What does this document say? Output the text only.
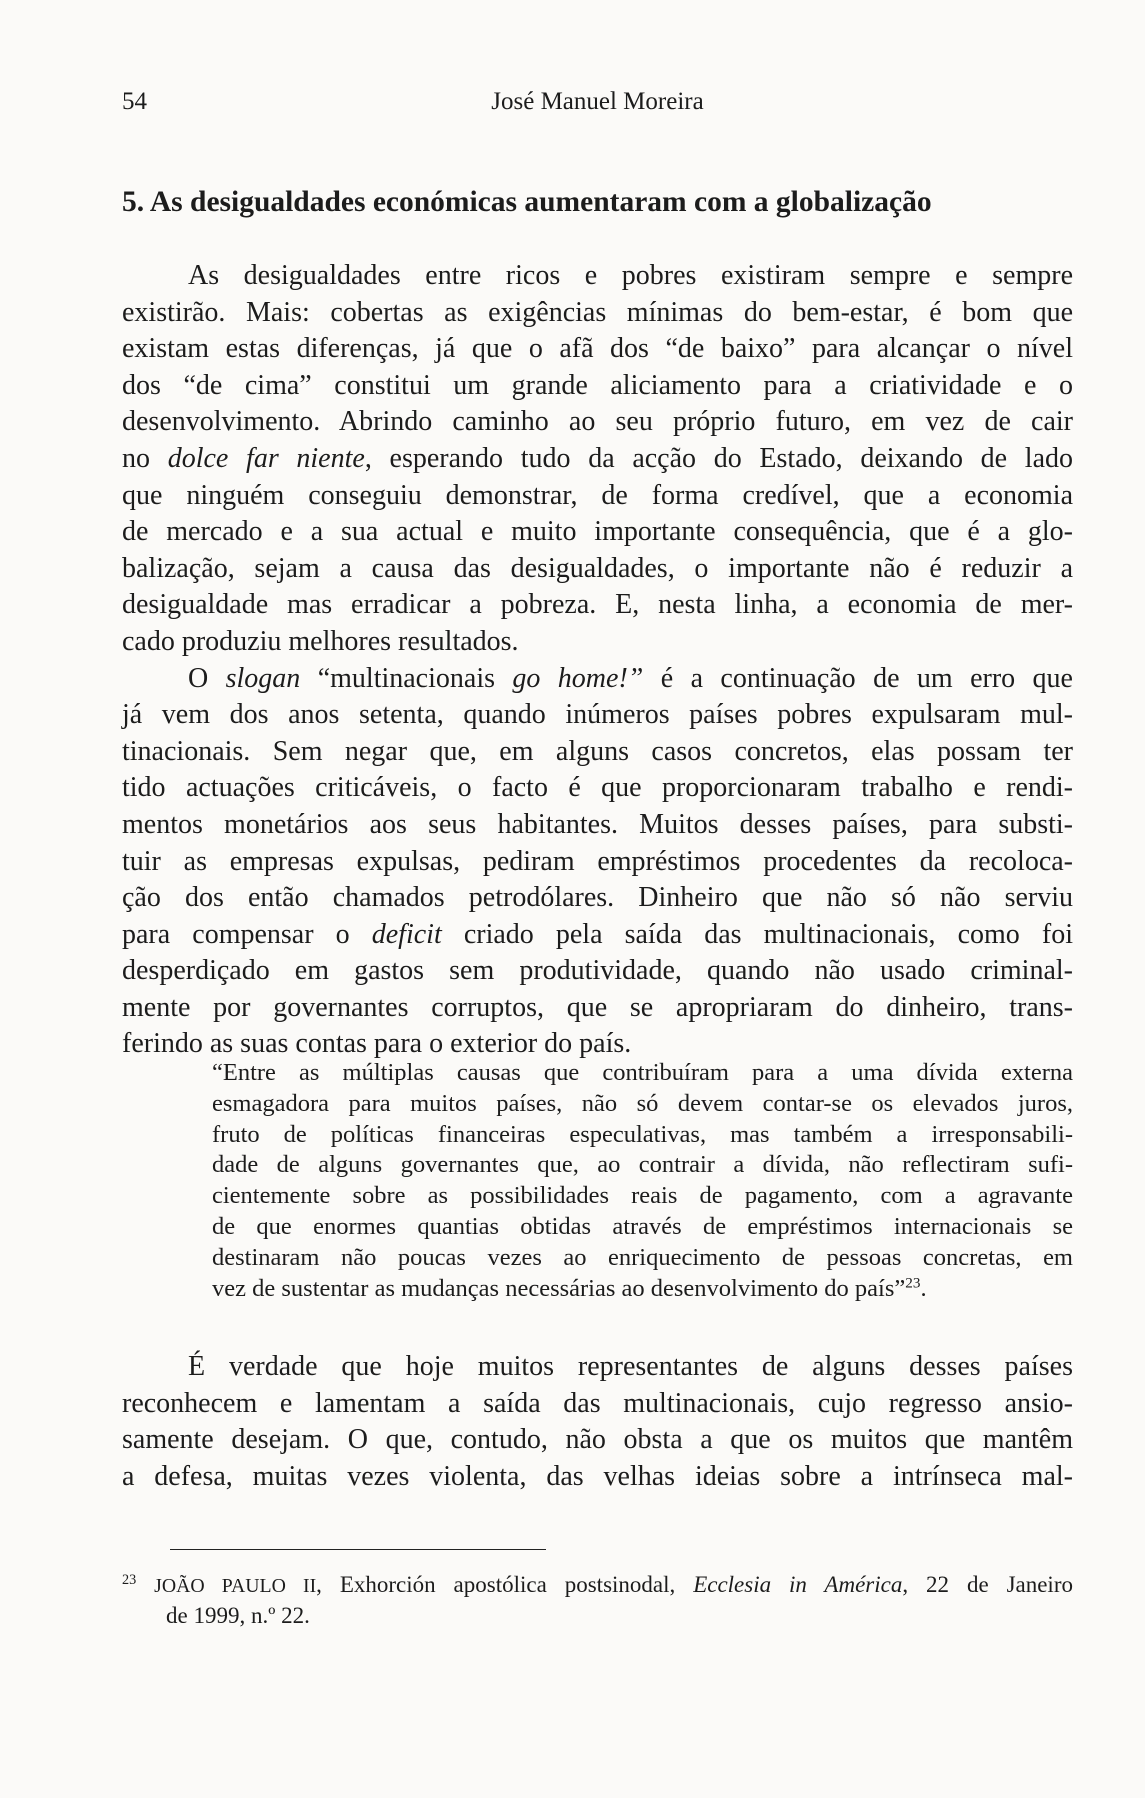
54	José Manuel Moreira
5. As desigualdades económicas aumentaram com a globalização
As desigualdades entre ricos e pobres existiram sempre e sempre
existirão. Mais: cobertas as exigências mínimas do bem-estar, é bom que
existam estas diferenças, já que o afã dos “de baixo” para alcançar o nível
dos “de cima” constitui um grande aliciamento para a criatividade e o
desenvolvimento. Abrindo caminho ao seu próprio futuro, em vez de cair
no dolce far niente, esperando tudo da acção do Estado, deixando de lado
que ninguém conseguiu demonstrar, de forma credível, que a economia
de mercado e a sua actual e muito importante consequência, que é a glo-
balização, sejam a causa das desigualdades, o importante não é reduzir a
desigualdade mas erradicar a pobreza. E, nesta linha, a economia de mer-
cado produziu melhores resultados.
O slogan “multinacionais go home!” é a continuação de um erro que
já vem dos anos setenta, quando inúmeros países pobres expulsaram mul-
tinacionais. Sem negar que, em alguns casos concretos, elas possam ter
tido actuações criticáveis, o facto é que proporcionaram trabalho e rendi-
mentos monetários aos seus habitantes. Muitos desses países, para substi-
tuir as empresas expulsas, pediram empréstimos procedentes da recoloca-
ção dos então chamados petrodólares. Dinheiro que não só não serviu
para compensar o deficit criado pela saída das multinacionais, como foi
desperdiçado em gastos sem produtividade, quando não usado criminal-
mente por governantes corruptos, que se apropriaram do dinheiro, trans-
ferindo as suas contas para o exterior do país.
“Entre as múltiplas causas que contribuíram para a uma dívida externa
esmagadora para muitos países, não só devem contar-se os elevados juros,
fruto de políticas financeiras especulativas, mas também a irresponsabili-
dade de alguns governantes que, ao contrair a dívida, não reflectiram sufi-
cientemente sobre as possibilidades reais de pagamento, com a agravante
de que enormes quantias obtidas através de empréstimos internacionais se
destinaram não poucas vezes ao enriquecimento de pessoas concretas, em
vez de sustentar as mudanças necessárias ao desenvolvimento do país”$^{23}$.
É verdade que hoje muitos representantes de alguns desses países
reconhecem e lamentam a saída das multinacionais, cujo regresso ansio-
samente desejam. O que, contudo, não obsta a que os muitos que mantêm
a defesa, muitas vezes violenta, das velhas ideias sobre a intrínseca mal-
$^{23}$ JOÃO PAULO II, Exhorción apostólica postsinodal, Ecclesia in América, 22 de Janeiro
de 1999, n.º 22.
